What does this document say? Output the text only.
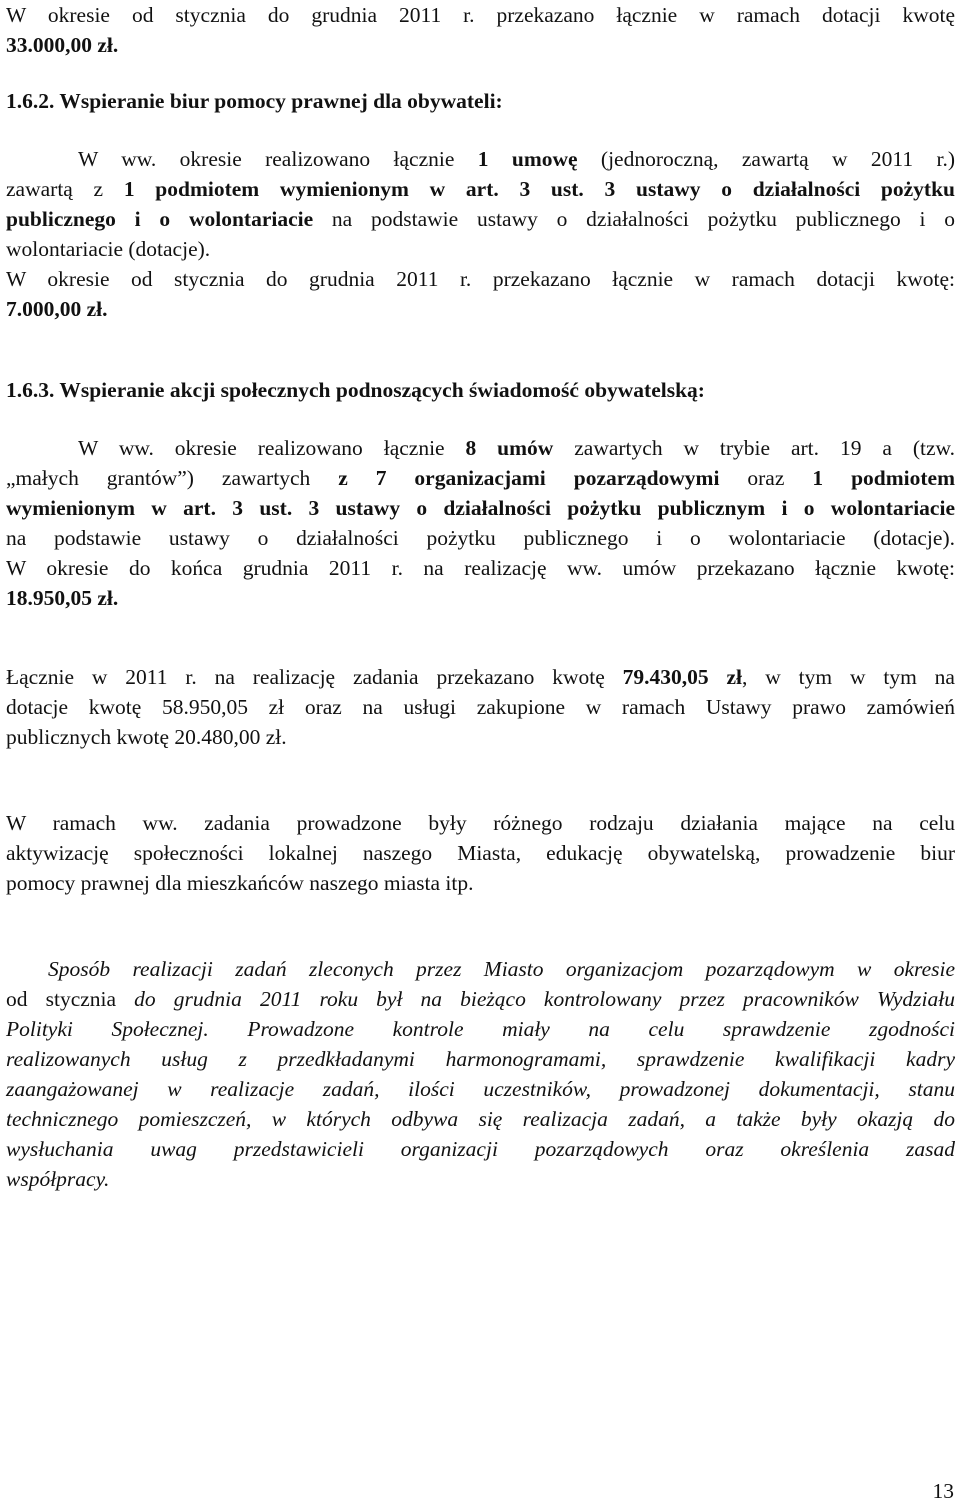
W okresie od stycznia do grudnia 2011 r. przekazano łącznie w ramach dotacji kwotę
33.000,00 zł.
1.6.2. Wspieranie biur pomocy prawnej dla obywateli:
W ww. okresie realizowano łącznie 1 umowę (jednoroczną, zawartą w 2011 r.)
zawartą z 1 podmiotem wymienionym w art. 3 ust. 3 ustawy o działalności pożytku
publicznego i o wolontariacie na podstawie ustawy o działalności pożytku publicznego i o
wolontariacie (dotacje).
W okresie od stycznia do grudnia 2011 r. przekazano łącznie w ramach dotacji kwotę:
7.000,00 zł.
1.6.3. Wspieranie akcji społecznych podnoszących świadomość obywatelską:
W ww. okresie realizowano łącznie 8 umów zawartych w trybie art. 19 a (tzw.
„małych grantów”) zawartych z 7 organizacjami pozarządowymi oraz 1 podmiotem
wymienionym w art. 3 ust. 3 ustawy o działalności pożytku publicznym i o wolontariacie
na podstawie ustawy o działalności pożytku publicznego i o wolontariacie (dotacje).
W okresie do końca grudnia 2011 r. na realizację ww. umów przekazano łącznie kwotę:
18.950,05 zł.
Łącznie w 2011 r. na realizację zadania przekazano kwotę 79.430,05 zł, w tym w tym na
dotacje kwotę 58.950,05 zł oraz na usługi zakupione w ramach Ustawy prawo zamówień
publicznych kwotę 20.480,00 zł.
W ramach ww. zadania prowadzone były różnego rodzaju działania mające na celu
aktywizację społeczności lokalnej naszego Miasta, edukację obywatelską, prowadzenie biur
pomocy prawnej dla mieszkańców naszego miasta itp.
Sposób realizacji zadań zleconych przez Miasto organizacjom pozarządowym w okresie
od stycznia do grudnia 2011 roku był na bieżąco kontrolowany przez pracowników Wydziału
Polityki Społecznej. Prowadzone kontrole miały na celu sprawdzenie zgodności
realizowanych usług z przedkładanymi harmonogramami, sprawdzenie kwalifikacji kadry
zaangażowanej w realizacje zadań, ilości uczestników, prowadzonej dokumentacji, stanu
technicznego pomieszczeń, w których odbywa się realizacja zadań, a także były okazją do
wysłuchania uwag przedstawicieli organizacji pozarządowych oraz określenia zasad
współpracy.
13
